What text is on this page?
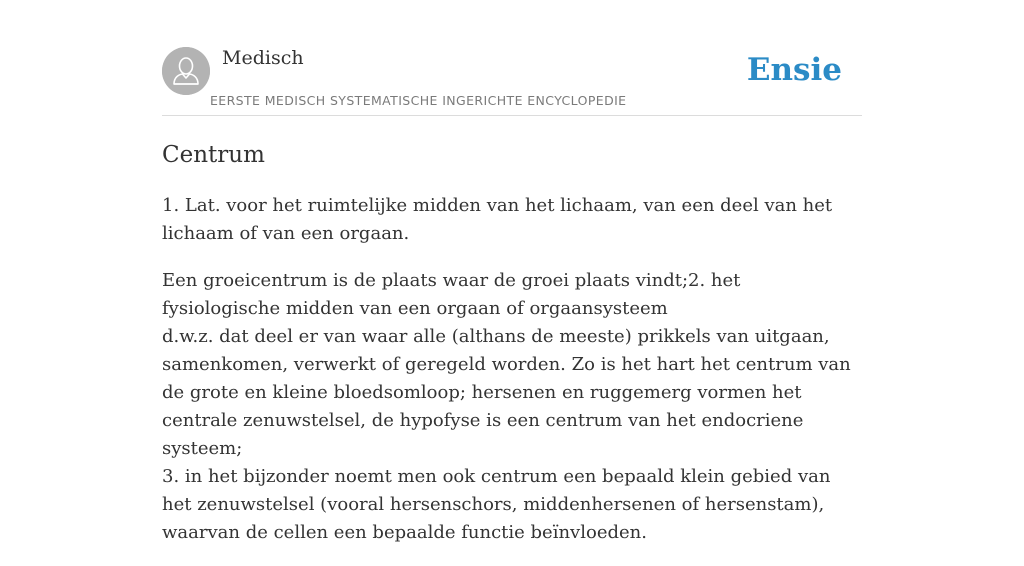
Medisch
EERSTE MEDISCH SYSTEMATISCHE INGERICHTE ENCYCLOPEDIE
Ensie
Centrum

1. Lat. voor het ruimtelijke midden van het lichaam, van een deel van het lichaam of van een orgaan.

Een groeicentrum is de plaats waar de groei plaats vindt;2. het fysiologische midden van een orgaan of orgaansysteem
d.w.z. dat deel er van waar alle (althans de meeste) prikkels van uitgaan, samenkomen, verwerkt of geregeld worden. Zo is het hart het centrum van de grote en kleine bloedsomloop; hersenen en ruggemerg vormen het centrale zenuwstelsel, de hypofyse is een centrum van het endocriene systeem;
3. in het bijzonder noemt men ook centrum een bepaald klein gebied van het zenuwstelsel (vooral hersenschors, middenhersenen of hersenstam), waarvan de cellen een bepaalde functie beïnvloeden.
